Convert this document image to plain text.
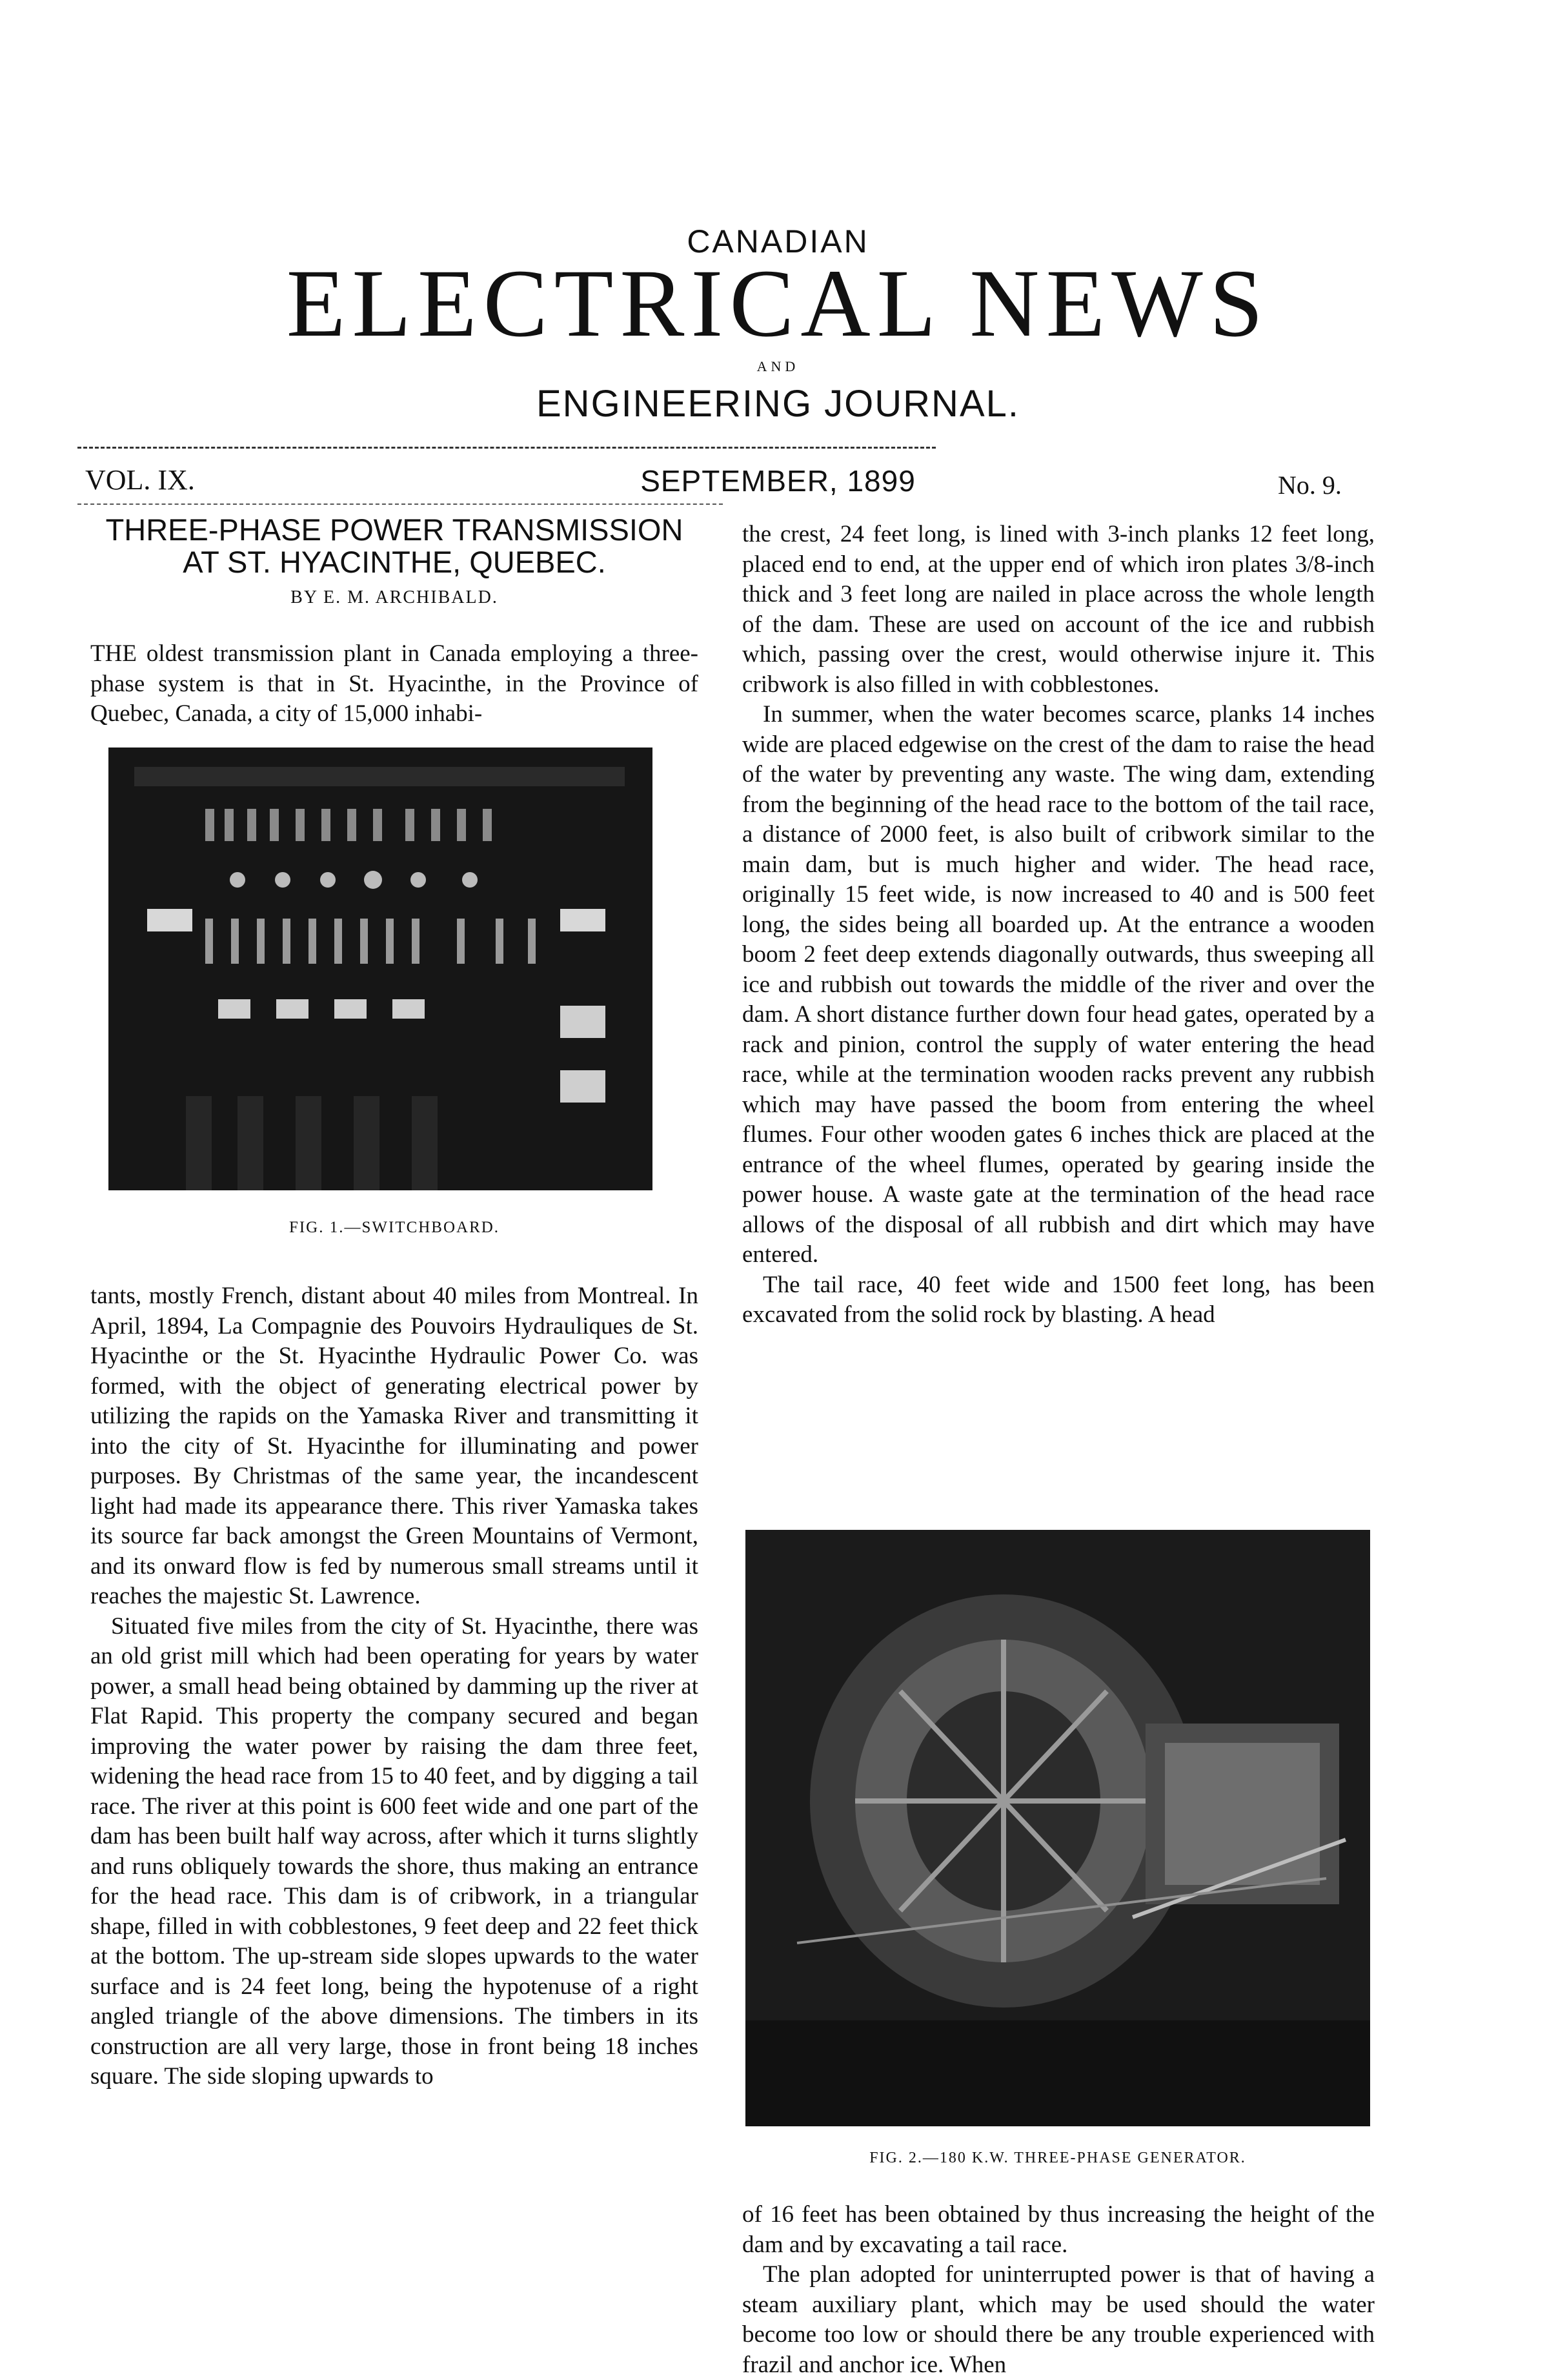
CANADIAN
ELECTRICAL NEWS
AND
ENGINEERING JOURNAL.
VOL. IX.	SEPTEMBER, 1899	No. 9.
THREE-PHASE POWER TRANSMISSION AT ST. HYACINTHE, QUEBEC.
BY E. M. ARCHIBALD.

THE oldest transmission plant in Canada employing a three-phase system is that in St. Hyacinthe, in the Province of Quebec, Canada, a city of 15,000 inhabi-

FIG. 1.—SWITCHBOARD.

tants, mostly French, distant about 40 miles from Montreal. In April, 1894, La Compagnie des Pouvoirs Hydrauliques de St. Hyacinthe or the St. Hyacinthe Hydraulic Power Co. was formed, with the object of generating electrical power by utilizing the rapids on the Yamaska River and transmitting it into the city of St. Hyacinthe for illuminating and power purposes. By Christmas of the same year, the incandescent light had made its appearance there. This river Yamaska takes its source far back amongst the Green Mountains of Vermont, and its onward flow is fed by numerous small streams until it reaches the majestic St. Lawrence.

Situated five miles from the city of St. Hyacinthe, there was an old grist mill which had been operating for years by water power, a small head being obtained by damming up the river at Flat Rapid. This property the company secured and began improving the water power by raising the dam three feet, widening the head race from 15 to 40 feet, and by digging a tail race. The river at this point is 600 feet wide and one part of the dam has been built half way across, after which it turns slightly and runs obliquely towards the shore, thus making an entrance for the head race. This dam is of cribwork, in a triangular shape, filled in with cobblestones, 9 feet deep and 22 feet thick at the bottom. The up-stream side slopes upwards to the water surface and is 24 feet long, being the hypotenuse of a right angled triangle of the above dimensions. The timbers in its construction are all very large, those in front being 18 inches square. The side sloping upwards to

the crest, 24 feet long, is lined with 3-inch planks 12 feet long, placed end to end, at the upper end of which iron plates 3/8-inch thick and 3 feet long are nailed in place across the whole length of the dam. These are used on account of the ice and rubbish which, passing over the crest, would otherwise injure it. This cribwork is also filled in with cobblestones.

In summer, when the water becomes scarce, planks 14 inches wide are placed edgewise on the crest of the dam to raise the head of the water by preventing any waste. The wing dam, extending from the beginning of the head race to the bottom of the tail race, a distance of 2000 feet, is also built of cribwork similar to the main dam, but is much higher and wider. The head race, originally 15 feet wide, is now increased to 40 and is 500 feet long, the sides being all boarded up. At the entrance a wooden boom 2 feet deep extends diagonally outwards, thus sweeping all ice and rubbish out towards the middle of the river and over the dam. A short distance further down four head gates, operated by a rack and pinion, control the supply of water entering the head race, while at the termination wooden racks prevent any rubbish which may have passed the boom from entering the wheel flumes. Four other wooden gates 6 inches thick are placed at the entrance of the wheel flumes, operated by gearing inside the power house. A waste gate at the termination of the head race allows of the disposal of all rubbish and dirt which may have entered.

The tail race, 40 feet wide and 1500 feet long, has been excavated from the solid rock by blasting. A head

FIG. 2.—180 K.W. THREE-PHASE GENERATOR.

of 16 feet has been obtained by thus increasing the height of the dam and by excavating a tail race.

The plan adopted for uninterrupted power is that of having a steam auxiliary plant, which may be used should the water become too low or should there be any trouble experienced with frazil and anchor ice. When
